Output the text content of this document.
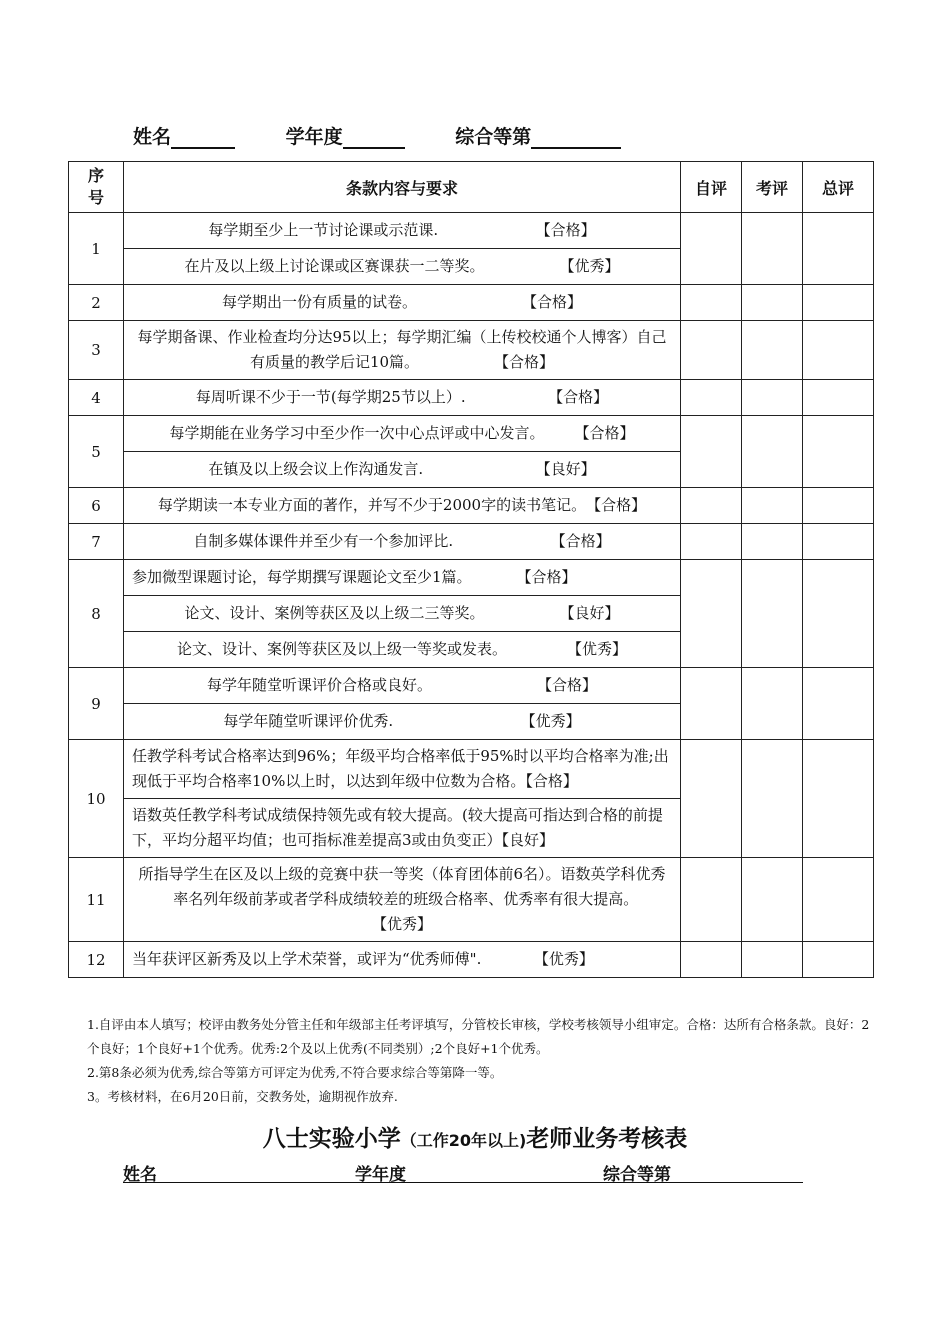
姓名	学年度	综合等第
序号	条款内容与要求	自评	考评	总评
1	每学期至少上一节讨论课或示范课.　　　　　　　【合格】			
	在片及以上级上讨论课或区赛课获一二等奖。　　　　　　【优秀】			
2	每学期出一份有质量的试卷。　　　　　　　　【合格】			
3	每学期备课、作业检查均分达95以上；每学期汇编（上传校校通个人博客）自己有质量的教学后记10篇。　　　　　　【合格】			
4	每周听课不少于一节(每学期25节以上）.　　　　　　【合格】			
5	每学期能在业务学习中至少作一次中心点评或中心发言。　　　【合格】			
	在镇及以上级会议上作沟通发言.　　　　　　　　【良好】			
6	每学期读一本专业方面的著作，并写不少于2000字的读书笔记。　【合格】			
7	自制多媒体课件并至少有一个参加评比.　　　　　　　【合格】			
8	参加微型课题讨论，每学期撰写课题论文至少1篇。　　　　【合格】			
	论文、设计、案例等获区及以上级二三等奖。　　　　　　【良好】			
	论文、设计、案例等获区及以上级一等奖或发表。　　　　　【优秀】			
9	每学年随堂听课评价合格或良好。　　　　　　　　【合格】			
	每学年随堂听课评价优秀.　　　　　　　　　【优秀】			
10	任教学科考试合格率达到96%；年级平均合格率低于95%时以平均合格率为准;出现低于平均合格率10%以上时，以达到年级中位数为合格。【合格】			
	语数英任教学科考试成绩保持领先或有较大提高。(较大提高可指达到合格的前提下，平均分超平均值；也可指标准差提高3或由负变正）【良好】			
11	所指导学生在区及以上级的竞赛中获一等奖（体育团体前6名）。语数英学科优秀率名列年级前茅或者学科成绩较差的班级合格率、优秀率有很大提高。　　　　　　　　　　【优秀】			
12	当年获评区新秀及以上学术荣誉，或评为“优秀师傅".　　　　【优秀】			

1.自评由本人填写；校评由教务处分管主任和年级部主任考评填写，分管校长审核，学校考核领导小组审定。合格：达所有合格条款。良好：2个良好；1个良好+1个优秀。优秀:2个及以上优秀(不同类别）;2个良好+1个优秀。

2.第8条必须为优秀,综合等第方可评定为优秀,不符合要求综合等第降一等。

3。考核材料，在6月20日前，交教务处，逾期视作放弃.

八士实验小学（工作20年以上)老师业务考核表
姓名	学年度	综合等第
